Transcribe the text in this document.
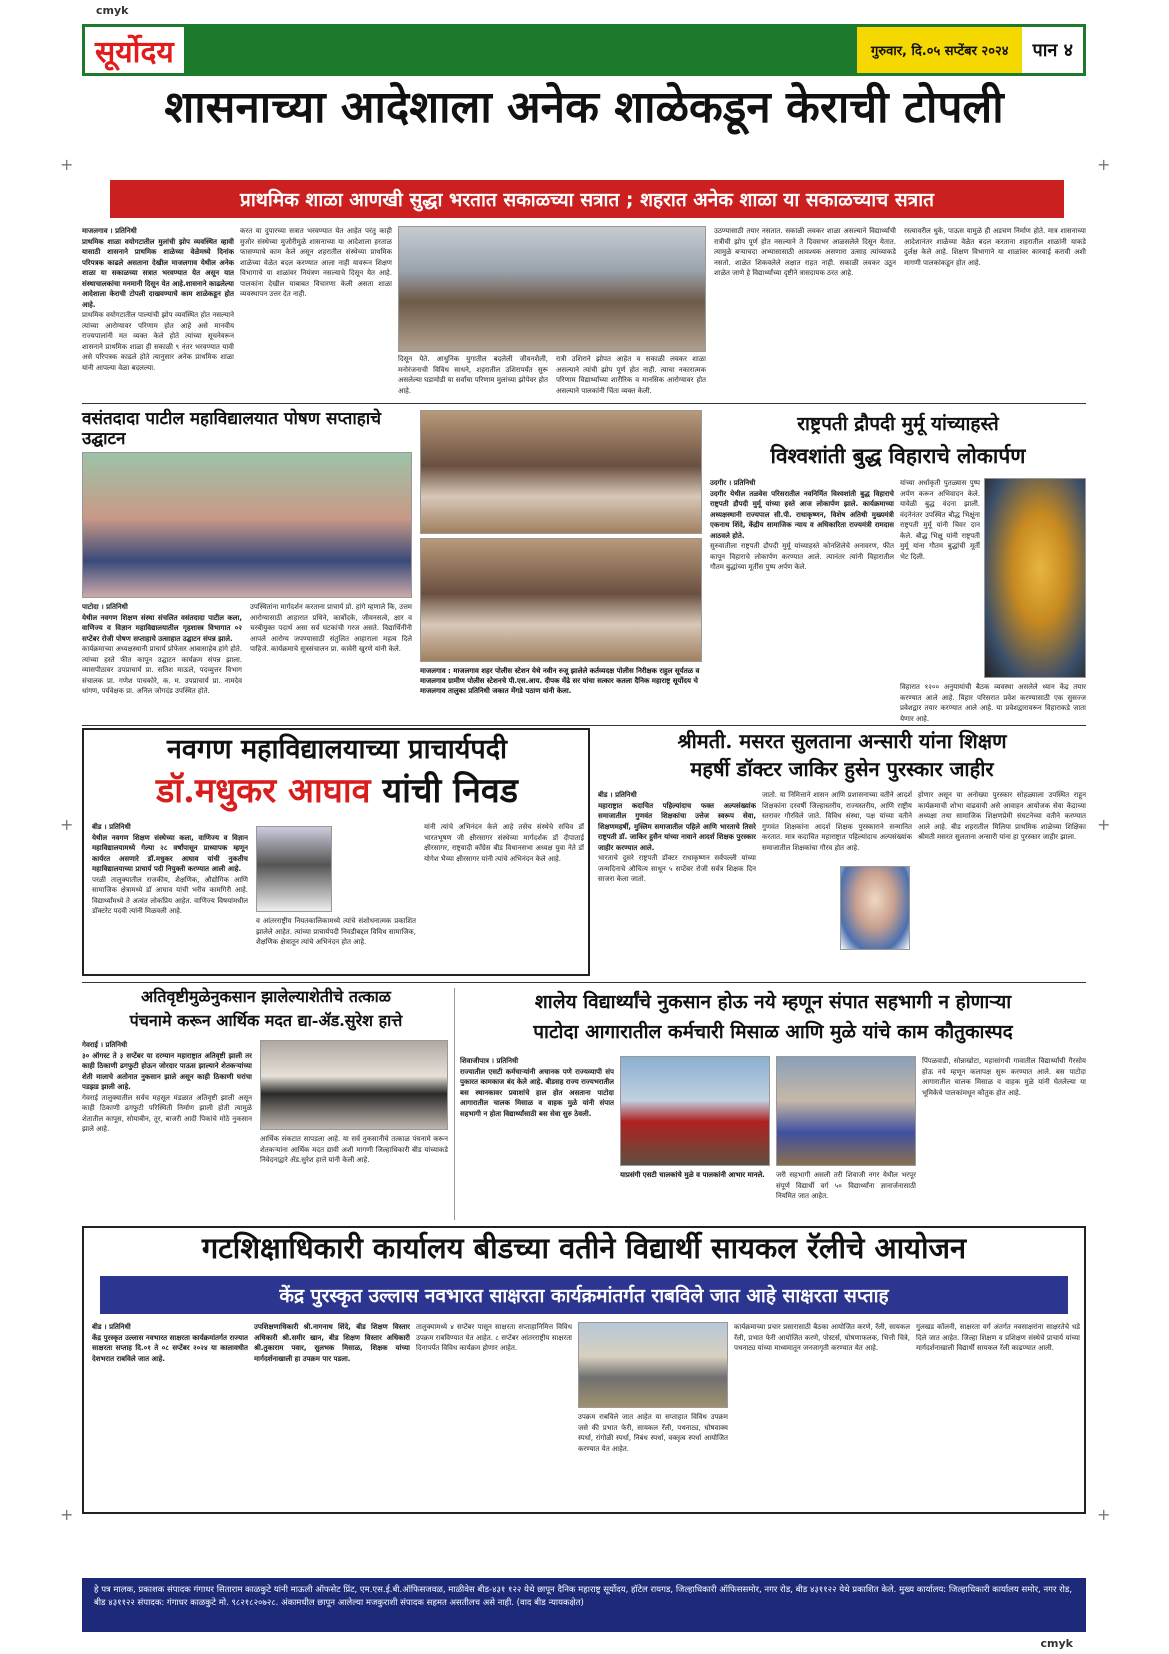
cmyk
cmyk
+	+
+	+
+	+
सूर्योदय	गुरुवार, दि.०५ सप्टेंबर २०२४	पान ४
शासनाच्या आदेशाला अनेक शाळेकडून केराची टोपली
प्राथमिक शाळा आणखी सुद्धा भरतात सकाळच्या सत्रात ; शहरात अनेक शाळा या सकाळच्याच सत्रात
माजलगाव । प्रतिनिधी
प्राथमिक शाळा वयोगटातील मुलांची झोप व्यवस्थित व्हावी यासाठी शासनाने प्राथमिक शाळेच्या वेळेमध्ये दिनांक परिपत्रक काढले असताना देखील माजलगाव येथील अनेक शाळा या सकाळच्या सत्रात भरवण्यात येत असून यात संस्थाचालकांचा मनमानी दिसून येत आहे.शासनाने काढलेल्या आदेशाला केराची टोपली दाखवण्याचे काम शाळेकडून होत आहे.
प्राथमिक वयोगटातील पाल्यांची झोप व्यवस्थित होत नसल्याने त्यांच्या आरोग्यावर परिणाम होत आहे असे मानवीय राज्यपालांनी मत व्यक्त केले होते त्यांच्या सूचनेवरून शासनाने प्राथमिक शाळा ही सकाळी ९ नंतर भरवण्यात यावी असे परिपत्रक काढले होते त्यानुसार अनेक प्राथमिक शाळा यांनी आपल्या वेळा बदलल्या.
करत या दुपारच्या सत्रात भरवण्यात येत आहेत परंतु काही मुजोर संस्थेच्या मुजोरीमुळे शासनाच्या या आदेशाला हरताळ फासण्याचे काम केले असून शहरातील संस्थेच्या प्राथमिक शाळेच्या वेळेत बदल करण्यात आला नाही यावरून शिक्षण विभागाचे या शाळांवर नियंत्रण नसल्याचे दिसून येत आहे. पालकांना देखील याबाबत विचारणा केली असता शाळा व्यवस्थापन उत्तर देत नाही.
दिसून येते. आधुनिक युगातील बदलेली जीवनशैली, मनोरंजनाची विविध साधने, शहरातील उशिरापर्यंत सुरू असलेल्या घडामोडी या सर्वांचा परिणाम मुलांच्या झोपेवर होत आहे.
रात्री उशिराने झोपत आहेत व सकाळी लवकर शाळा असल्याने त्यांची झोप पूर्ण होत नाही. त्याचा नकारात्मक परिणाम विद्यार्थ्यांच्या शारीरिक व मानसिक आरोग्यावर होत असल्याने पालकांनी चिंता व्यक्त केली.
उठण्यासाठी तयार नसतात. सकाळी लवकर शाळा असल्याने विद्यार्थ्यांची रात्रीची झोप पूर्ण होत नसल्याने ते दिवसभर आळसलेले दिसून येतात. त्यामुळे बऱ्याचदा अभ्यासासाठी आवश्यक असणारा उत्साह त्यांच्याकडे नसतो. शाळेत शिकवलेले लक्षात राहत नाही. सकाळी लवकर उठून शाळेत जाणे हे विद्यार्थ्यांच्या दृष्टीने त्रासदायक ठरत आहे.
रस्त्यावरील धुके, पाऊस यामुळे ही अडचण निर्माण होते. मात्र शासनाच्या आदेशानंतर शाळेच्या वेळेत बदल करताना शहरातील शाळांनी याकडे दुर्लक्ष केले आहे. शिक्षण विभागाने या शाळांवर कारवाई करावी अशी मागणी पालकांकडून होत आहे.
वसंतदादा पाटील महाविद्यालयात पोषण सप्ताहाचे उद्घाटन
पाटोदा । प्रतिनिधी
येथील नवगण शिक्षण संस्था संचलित वसंतदादा पाटील कला, वाणिज्य व विज्ञान महाविद्यालयातील गृहशास्त्र विभागात ०२ सप्टेंबर रोजी पोषण सप्ताहाचे उत्साहात उद्घाटन संपन्न झाले.
कार्यक्रमाच्या अध्यक्षस्थानी प्राचार्य प्रोफेसर आबासाहेब हांगे होते. त्यांच्या हस्ते फीत कापून उद्घाटन कार्यक्रम संपन्न झाला. व्यासपीठावर उपप्राचार्य प्रा. सतिश माऊले, पदव्युत्तर विभाग संचालक प्रा. गणेश पाचकोरे, क. म. उपप्राचार्य प्रा. नामदेव धांगण, पर्यवेक्षक प्रा. अनिल जोगदंड उपस्थित होते.
उपस्थितांना मार्गदर्शन करताना प्राचार्य प्रो. हांगे म्हणाले कि, उत्तम आरोग्यासाठी आहारात प्रथिने, कार्बोदके, जीवनसत्वे, क्षार व चरबीयुक्त पदार्थ असा सर्व घटकांची गरज असते. विद्यार्थिनींनी आपले आरोग्य जपण्यासाठी संतुलित आहाराला महत्व दिले पाहिजे. कार्यक्रमाचे सूत्रसंचालन प्रा. कावेरी खुरणे यांनी केले.
माजलगाव : माजलगाव शहर पोलीस स्टेशन येथे नवीन रुजू झालेले कर्तव्यदक्ष पोलीस निरीक्षक राहुल सूर्यतळ व माजलगाव ग्रामीण पोलीस स्टेशनचे पी.एस.आय. दीपक मेंढे सर यांचा सत्कार कतला दैनिक महाराष्ट्र सूर्योदय चे माजलगाव तालुका प्रतिनिधी जकात मेंगडे पठाण यांनी केला.
राष्ट्रपती द्रौपदी मुर्मू यांच्याहस्ते
विश्वशांती बुद्ध विहाराचे लोकार्पण
उदगीर । प्रतिनिधी
उदगीर येथील तळवेस परिसरातील नवनिर्मित विश्वशांती बुद्ध विहाराचे राष्ट्रपती द्रौपदी मुर्मू यांच्या हस्ते आज लोकार्पण झाले. कार्यक्रमाच्या अध्यक्षस्थानी राज्यपाल सी.पी. राधाकृष्णन, विशेष अतिथी मुख्यमंत्री एकनाथ शिंदे, केंद्रीय सामाजिक न्याय व अधिकारिता राज्यमंत्री रामदास आठवले होते.
सुरुवातीला राष्ट्रपती द्रौपदी मुर्मू यांच्याहस्ते कोनशिलेचे अनावरण, फीत कापून विहाराचे लोकार्पण करण्यात आले. त्यानंतर त्यांनी विहारातील गौतम बुद्धांच्या मूर्तीस पुष्प अर्पण केले.
यांच्या अर्धाकृती पुतळ्यास पुष्प अर्पण करून अभिवादन केले. यावेळी बुद्ध वंदना झाली. वंदनेनंतर उपस्थित बौद्ध भिक्षूंना राष्ट्रपती मुर्मू यांनी चिवर दान केले. बौद्ध भिक्षु यांनी राष्ट्रपती मुर्मू यांना गौतम बुद्धांची मूर्ती भेट दिली.
विहारात १२०० अनुयायांची बैठक व्यवस्था असलेले ध्यान केंद्र तयार करण्यात आले आहे. विहार परिसरात प्रवेश करण्यासाठी एक सुसज्ज प्रवेशद्वार तयार करण्यात आले आहे. या प्रवेशद्वारावरून विहाराकडे जाता येणार आहे.
नवगण महाविद्यालयाच्या प्राचार्यपदी
डॉ.मधुकर आघाव यांची निवड
बीड । प्रतिनिधी
येथील नवगण शिक्षण संस्थेच्या कला, वाणिज्य व विज्ञान महाविद्यालयामध्ये गेल्या २८ वर्षांपासून प्राध्यापक म्हणून कार्यरत असणारे डॉ.मधुकर आघाव यांची नुकतीच महाविद्यालयाच्या प्राचार्य पदी नियुक्ती करण्यात आली आहे.
परळी तालुक्यातील राजकीय, शैक्षणिक, औद्योगिक आणि सामाजिक क्षेत्रामध्ये डॉ आघाव यांची भरीव कामगिरी आहे. विद्यार्थ्यांमध्ये ते अत्यंत लोकप्रिय आहेत. वाणिज्य विषयांमधील डॉक्टरेट पदवी त्यांनी मिळवली आहे.
व आंतरराष्ट्रीय नियतकालिकामध्ये त्यांचे संशोधनात्मक प्रकाशित झालेले आहेत. त्यांच्या प्राचार्यपदी निवडीबद्दल विविध सामाजिक, शैक्षणिक क्षेत्रातून त्यांचे अभिनंदन होत आहे.
यांनी त्यांचे अभिनंदन केले आहे तसेच संस्थेचे सचिव डॉ भारतभूषण जी क्षीरसागर संस्थेच्या मार्गदर्शक डॉ दीपाताई क्षीरसागर, राष्ट्रवादी कॉंग्रेस बीड विधानसभा अध्यक्ष युवा नेते डॉ योगेश भैय्या क्षीरसागर यांनी त्यांचे अभिनंदन केले आहे.
श्रीमती. मसरत सुलताना अन्सारी यांना शिक्षण
महर्षी डॉक्टर जाकिर हुसेन पुरस्कार जाहीर
बीड । प्रतिनिधी
महाराष्ट्रात कदाचित पहिल्यांदाच फक्त अल्पसंख्यांक समाजातील गुणवंत शिक्षकांचा उत्तेज स्वरूप सेवा, शिक्षणमहर्षी, मुस्लिम समाजातील पहिले आणि भारताचे तिसरे राष्ट्रपती डॉ. जाकिर हुसैन यांच्या नावाने आदर्श शिक्षक पुरस्कार जाहीर करण्यात आले.
भारताचे दुसरे राष्ट्रपती डॉक्टर राधाकृष्णन सर्वपल्ली यांच्या जन्मदिनाचे औचित्य साधून ५ सप्टेंबर रोजी सर्वत्र शिक्षक दिन साजरा केला जातो.
जातो. या निमित्ताने शासन आणि प्रशासनाच्या वतीने आदर्श शिक्षकांना दरवर्षी जिल्हास्तरीय, राज्यस्तरीय, आणि राष्ट्रीय स्तरावर गौरविले जाते. विविध संस्था, पक्ष यांच्या वतीने गुणवंत शिक्षकांना आदर्श शिक्षक पुरस्काराने सन्मानित करतात. मात्र कदाचित महाराष्ट्रात पहिल्यांदाच अल्पसंख्यांक समाजातील शिक्षकांचा गौरव होत आहे.
होणार असून या अनोख्या पुरस्कार सोहळ्याला उपस्थित राहून कार्यक्रमाची शोभा वाढवावी असे आवाहन आयोजक सेवा केंद्राच्या अध्यक्षा तथा सामाजिक शिक्षणप्रेमी संघटनेच्या वतीने करण्यात आले आहे. बीड शहरातील मिलिया प्राथमिक शाळेच्या शिक्षिका श्रीमती मसरत सुलताना अन्सारी यांना हा पुरस्कार जाहीर झाला.
अतिवृष्टीमुळेनुकसान झालेल्याशेतीचे तत्काळ
पंचनामे करून आर्थिक मदत द्या-ॲड.सुरेश हात्ते
गेवराई । प्रतिनिधी
३० ऑगस्ट ते ३ सप्टेंबर या दरम्यान महाराष्ट्रात अतिवृष्टी झाली तर काही ठिकाणी ढगफुटी होऊन जोरदार पाऊस झाल्याने शेतकऱ्यांच्या शेती मालाचे अतोनात नुकसान झाले असून काही ठिकाणी घरांचा पडझड झाली आहे.
गेवराई तालुक्यातील सर्वच महसूल मंडळात अतिवृष्टी झाली असून काही ठिकाणी ढगफुटी परिस्थिती निर्माण झाली होती त्यामुळे शेतातील कापूस, सोयाबीन, तूर, बाजरी आदी पिकांचे मोठे नुकसान झाले आहे.
आर्थिक संकटात सापडला आहे. या सर्व नुकसानीचे तत्काळ पंचनामे करून शेतकऱ्यांना आर्थिक मदत द्यावी अशी मागणी जिल्हाधिकारी बीड यांच्याकडे निवेदनाद्वारे ॲड.सुरेश हात्ते यांनी केली आहे.
शालेय विद्यार्थ्यांचे नुकसान होऊ नये म्हणून संपात सहभागी न होणाऱ्या
पाटोदा आगारातील कर्मचारी मिसाळ आणि मुळे यांचे काम कौतुकास्पद
शिवाजीपात्र । प्रतिनिधी
राज्यातील एसटी कर्मचाऱ्यांनी अचानक पणे राज्यव्यापी संप पुकारत कामकाज बंद केले आहे. बीडसह राज्य राज्यभरातील बस स्थानकावर प्रवाशांचे हाल होत असताना पाटोदा आगारातील चालक मिसाळ व वाहक मुळे यांनी संपात सहभागी न होता विद्यार्थ्यांसाठी बस सेवा सुरु ठेवली.
याप्रसंगी एसटी चालकांचे मुळे व पालकांनी आभार मानले.	जरी सहभागी असली तरी शिवाजी नगर येथील भरपूर संपूर्ण विद्यार्थी वर्ग ५० विद्यार्थ्यांना ज्ञानार्जनासाठी नियमित जात आहेत.
पिंपळवाडी, सोन्नाखोटा, महासांगवी गावातील विद्यार्थ्यांची गैरसोय होऊ नये म्हणून कलापक्ष सुरू करण्यात आले. बस पाटोदा आगारातील चालक मिसाळ व वाहक मुळे यांनी घेतलेल्या या भूमिकेचे पालकांमधून कौतुक होत आहे.
गटशिक्षाधिकारी कार्यालय बीडच्या वतीने विद्यार्थी सायकल रॅलीचे आयोजन
केंद्र पुरस्कृत उल्लास नवभारत साक्षरता कार्यक्रमांतर्गत राबविले जात आहे साक्षरता सप्ताह
बीड । प्रतिनिधी
केंद्र पुरस्कृत उल्लास नवभारत साक्षरता कार्यक्रमांतर्गत राज्यात साक्षरता सप्ताह दि.०१ ते ०८ सप्टेंबर २०२४ या कालावधीत देशभरात राबविले जात आहे.
उपशिक्षणाधिकारी श्री.नागनाथ शिंदे, बीड शिक्षण विस्तार अधिकारी श्री.समीर खान, बीड शिक्षण विस्तार अधिकारी श्री.तुकाराम पवार, सुलभक मिसाळ, शिक्षक यांच्या मार्गदर्शनाखाली हा उपक्रम पार पडला.
तालुक्यामध्ये ४ सप्टेंबर पासून साक्षरता सप्ताहानिमित्त विविध उपक्रम राबविण्यात येत आहेत. ८ सप्टेंबर आंतरराष्ट्रीय साक्षरता दिनापर्यंत विविध कार्यक्रम होणार आहेत.
उपक्रम राबविले जात आहेत या सप्ताहात विविध उपक्रम जसे की प्रभात फेरी, सायकल रॅली, पथनाट्य, घोषवाक्य स्पर्धा, रांगोळी स्पर्धा, निबंध स्पर्धा, वक्तृत्व स्पर्धा आयोजित करण्यात येत आहेत.
कार्यक्रमाच्या प्रचार प्रसारासाठी बैठका आयोजित करणे, रॅली, सायकल रॅली, प्रभात फेरी आयोजित करणे, पोस्टर्स, घोषणाफलक, भित्ती चित्रे, पथनाट्य यांच्या माध्यमातून जनजागृती करण्यात येत आहे.
गुलखड कॉलनी, साक्षरता वर्ग अंतर्गत नवसाक्षरांना साक्षरतेचे धडे दिले जात आहेत. जिल्हा शिक्षण व प्रशिक्षण संस्थेचे प्राचार्य यांच्या मार्गदर्शनाखाली विद्यार्थी सायकल रॅली काढण्यात आली.
हे पत्र मालक, प्रकाशक संपादक गंगाधर सिताराम काळकुटे यांनी माऊली ऑफसेट प्रिंट, एम.एस.ई.बी.ऑफिसजवळ, माळीवेस बीड-४३१ १२२ येथे छापून दैनिक महाराष्ट्र सूर्योदय, हॉटेल रायगड, जिल्हाधिकारी ऑफिससमोर, नगर रोड, बीड ४३११२२ येथे प्रकाशित केले. मुख्य कार्यालय: जिल्हाधिकारी कार्यालय समोर, नगर रोड, बीड ४३११२२ संपादक: गंगाधर काळकुटे मो. ९८२१८२०७२८. अंकामधील छापून आलेल्या मजकुराशी संपादक सहमत असतीलच असे नाही. (वाद बीड न्यायकक्षेत)
